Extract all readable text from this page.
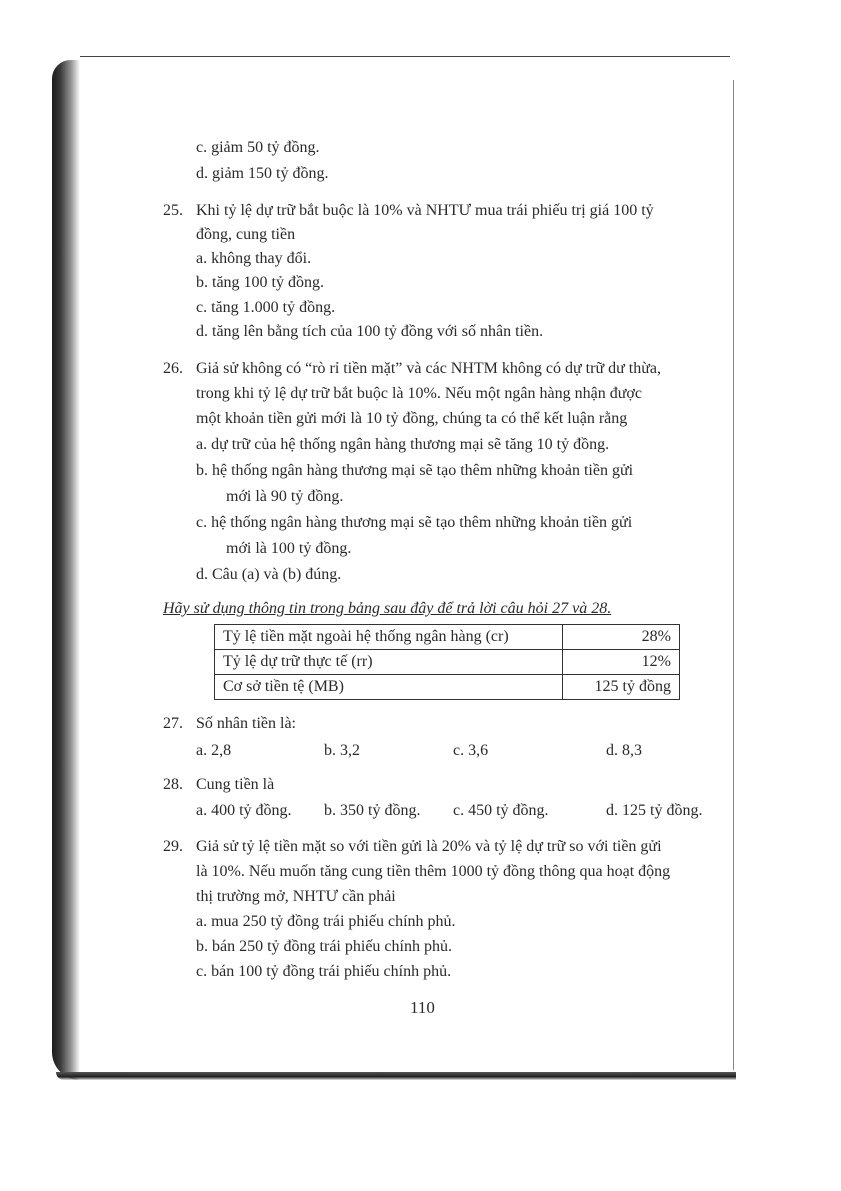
c. giảm 50 tỷ đồng.
d. giảm 150 tỷ đồng.
25. Khi tỷ lệ dự trữ bắt buộc là 10% và NHTƯ mua trái phiếu trị giá 100 tỷ
đồng, cung tiền
a. không thay đổi.
b. tăng 100 tỷ đồng.
c. tăng 1.000 tỷ đồng.
d. tăng lên bằng tích của 100 tỷ đồng với số nhân tiền.
26. Giả sử không có “rò rỉ tiền mặt” và các NHTM không có dự trữ dư thừa,
trong khi tỷ lệ dự trữ bắt buộc là 10%. Nếu một ngân hàng nhận được
một khoản tiền gửi mới là 10 tỷ đồng, chúng ta có thể kết luận rằng
a. dự trữ của hệ thống ngân hàng thương mại sẽ tăng 10 tỷ đồng.
b. hệ thống ngân hàng thương mại sẽ tạo thêm những khoản tiền gửi
mới là 90 tỷ đồng.
c. hệ thống ngân hàng thương mại sẽ tạo thêm những khoản tiền gửi
mới là 100 tỷ đồng.
d. Câu (a) và (b) đúng.
Hãy sử dụng thông tin trong bảng sau đây để trả lời câu hỏi 27 và 28.
Tỷ lệ tiền mặt ngoài hệ thống ngân hàng (cr)	28%
Tỷ lệ dự trữ thực tế (rr)	12%
Cơ sở tiền tệ (MB)	125 tỷ đồng
27. Số nhân tiền là:
a. 2,8	b. 3,2	c. 3,6	d. 8,3
28. Cung tiền là
a. 400 tỷ đồng. b. 350 tỷ đồng. c. 450 tỷ đồng.	d. 125 tỷ đồng.
29. Giả sử tỷ lệ tiền mặt so với tiền gửi là 20% và tỷ lệ dự trữ so với tiền gửi
là 10%. Nếu muốn tăng cung tiền thêm 1000 tỷ đồng thông qua hoạt động
thị trường mở, NHTƯ cần phải
a. mua 250 tỷ đồng trái phiếu chính phủ.
b. bán 250 tỷ đồng trái phiếu chính phủ.
c. bán 100 tỷ đồng trái phiếu chính phủ.
110
